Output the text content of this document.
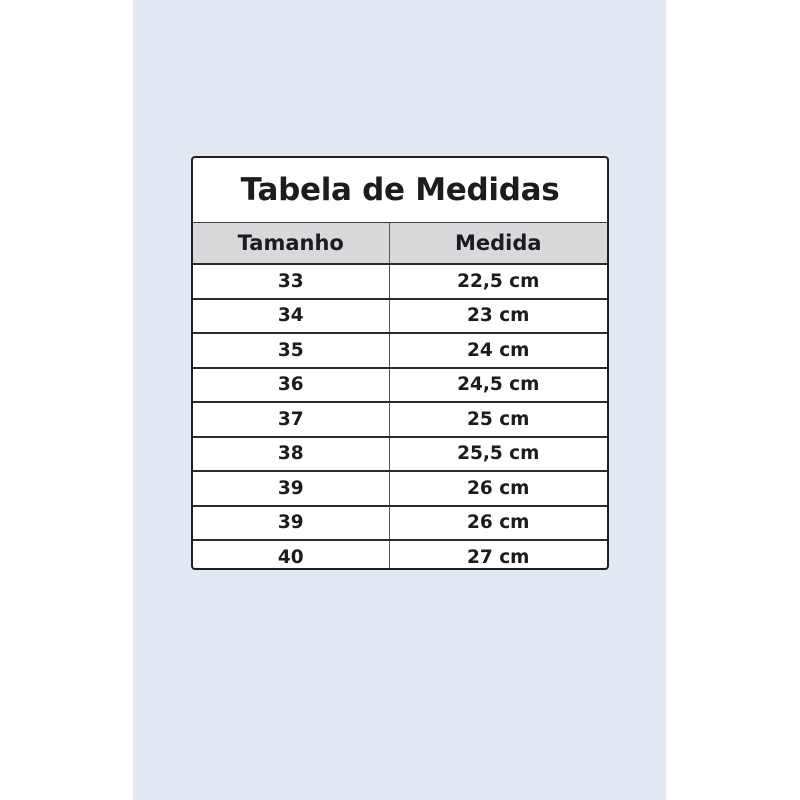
Tabela de Medidas
Tamanho	Medida
33	22,5 cm
34	23 cm
35	24 cm
36	24,5 cm
37	25 cm
38	25,5 cm
39	26 cm
39	26 cm
40	27 cm
